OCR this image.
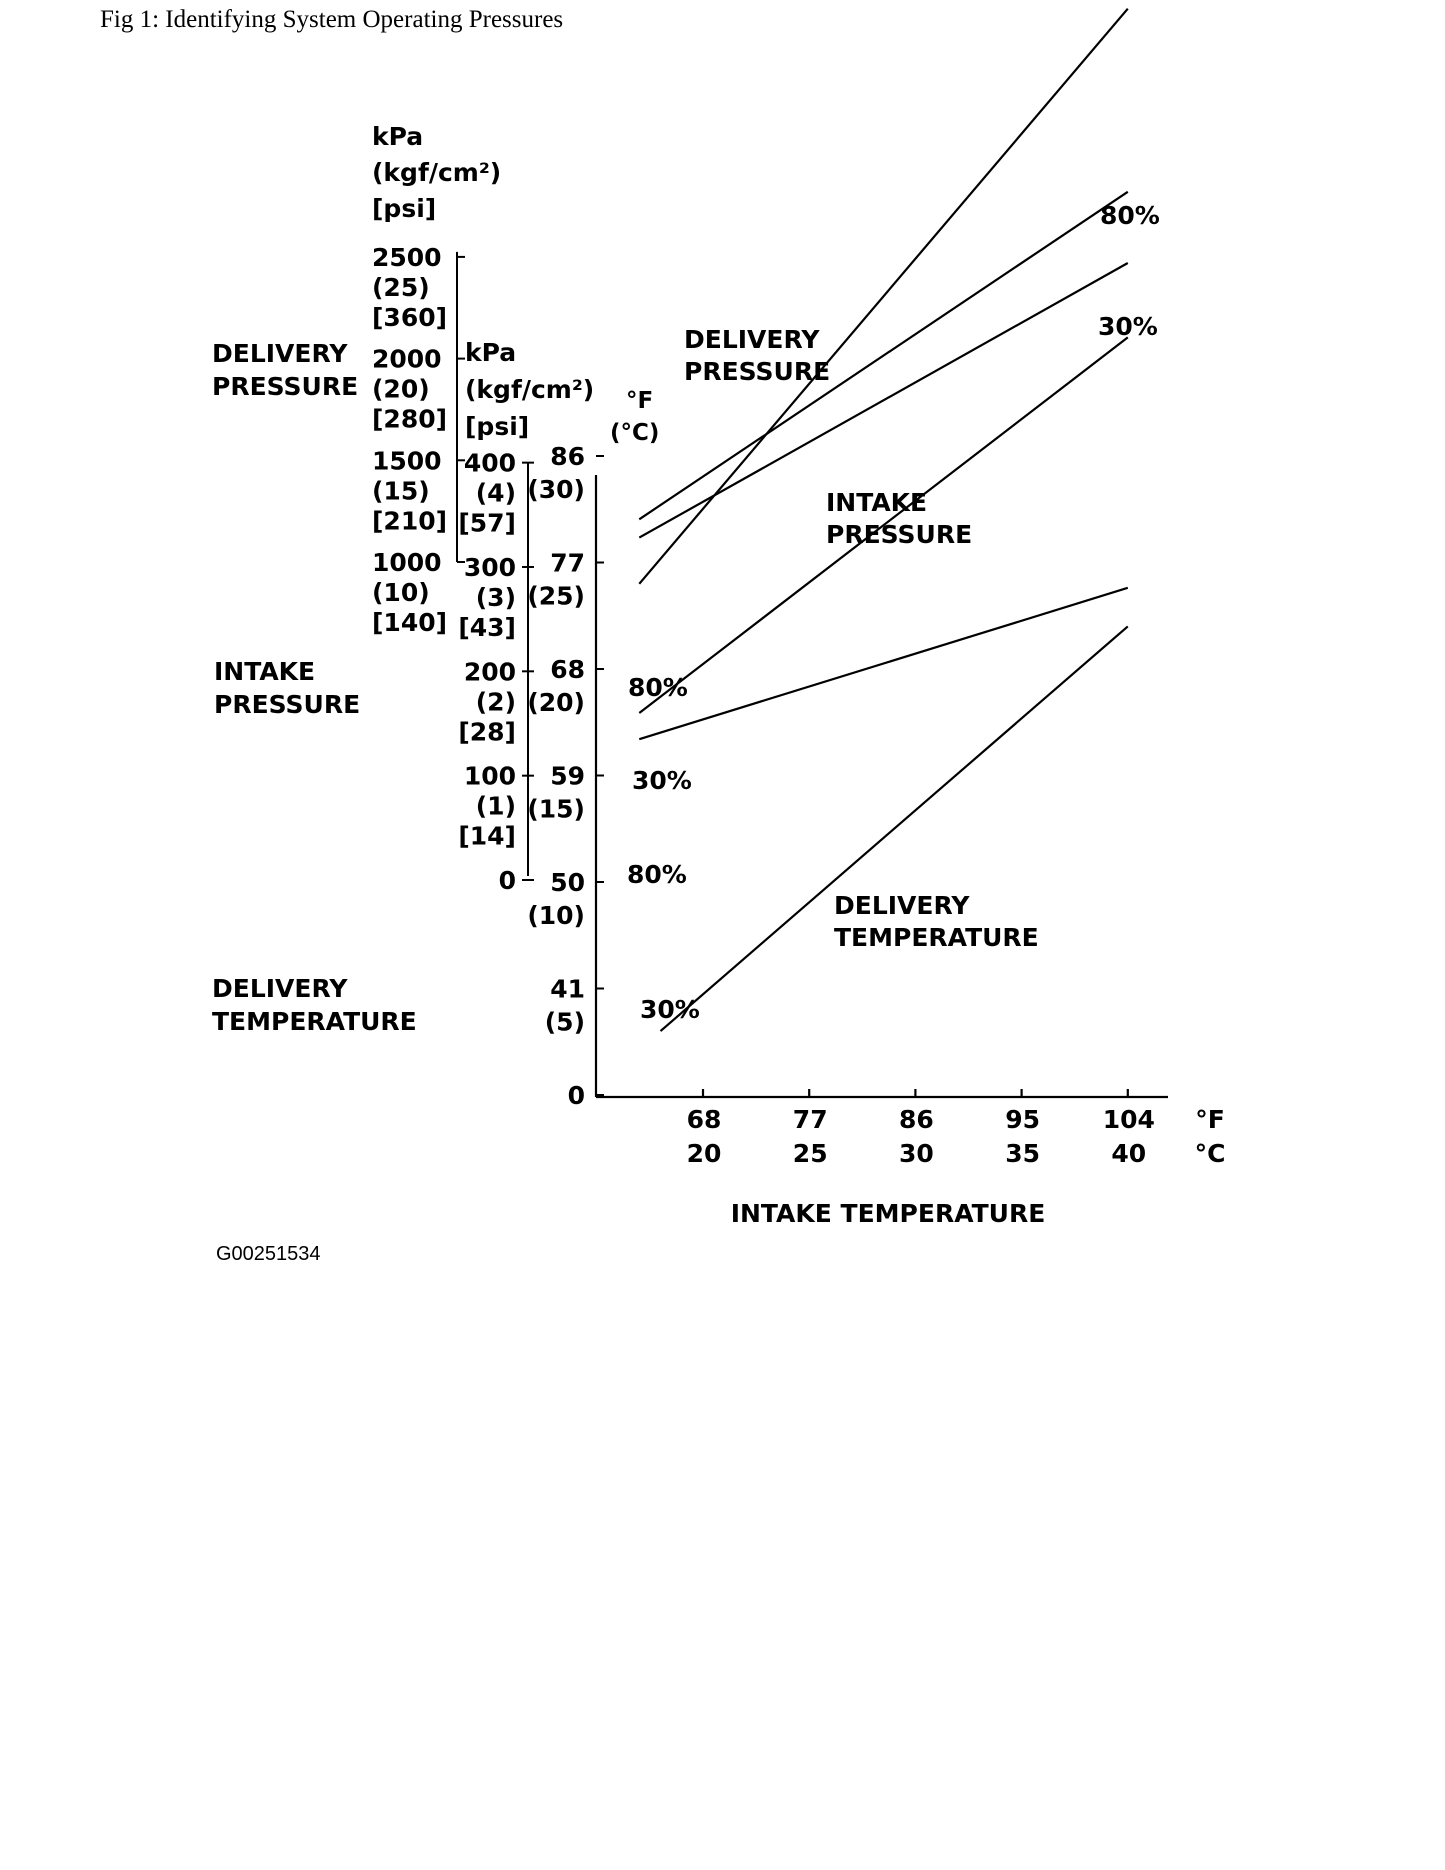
Fig 1: Identifying System Operating Pressures
68
20
77
25
86
30
95
35
104
40
°F
°C
INTAKE TEMPERATURE
kPa
(kgf/cm²)
[psi]
2500
(25)
[360]
2000
(20)
[280]
1500
(15)
[210]
1000
(10)
[140]
kPa
(kgf/cm²)
[psi]
400
(4)
[57]
300
(3)
[43]
200
(2)
[28]
100
(1)
[14]
0
°F
(°C)
86
(30)
77
(25)
68
(20)
59
(15)
50
(10)
41
(5)
0
DELIVERY
PRESSURE
INTAKE
PRESSURE
DELIVERY
TEMPERATURE
DELIVERY
PRESSURE
INTAKE
PRESSURE
DELIVERY
TEMPERATURE
80%
30%
80%
30%
80%
30%
G00251534
